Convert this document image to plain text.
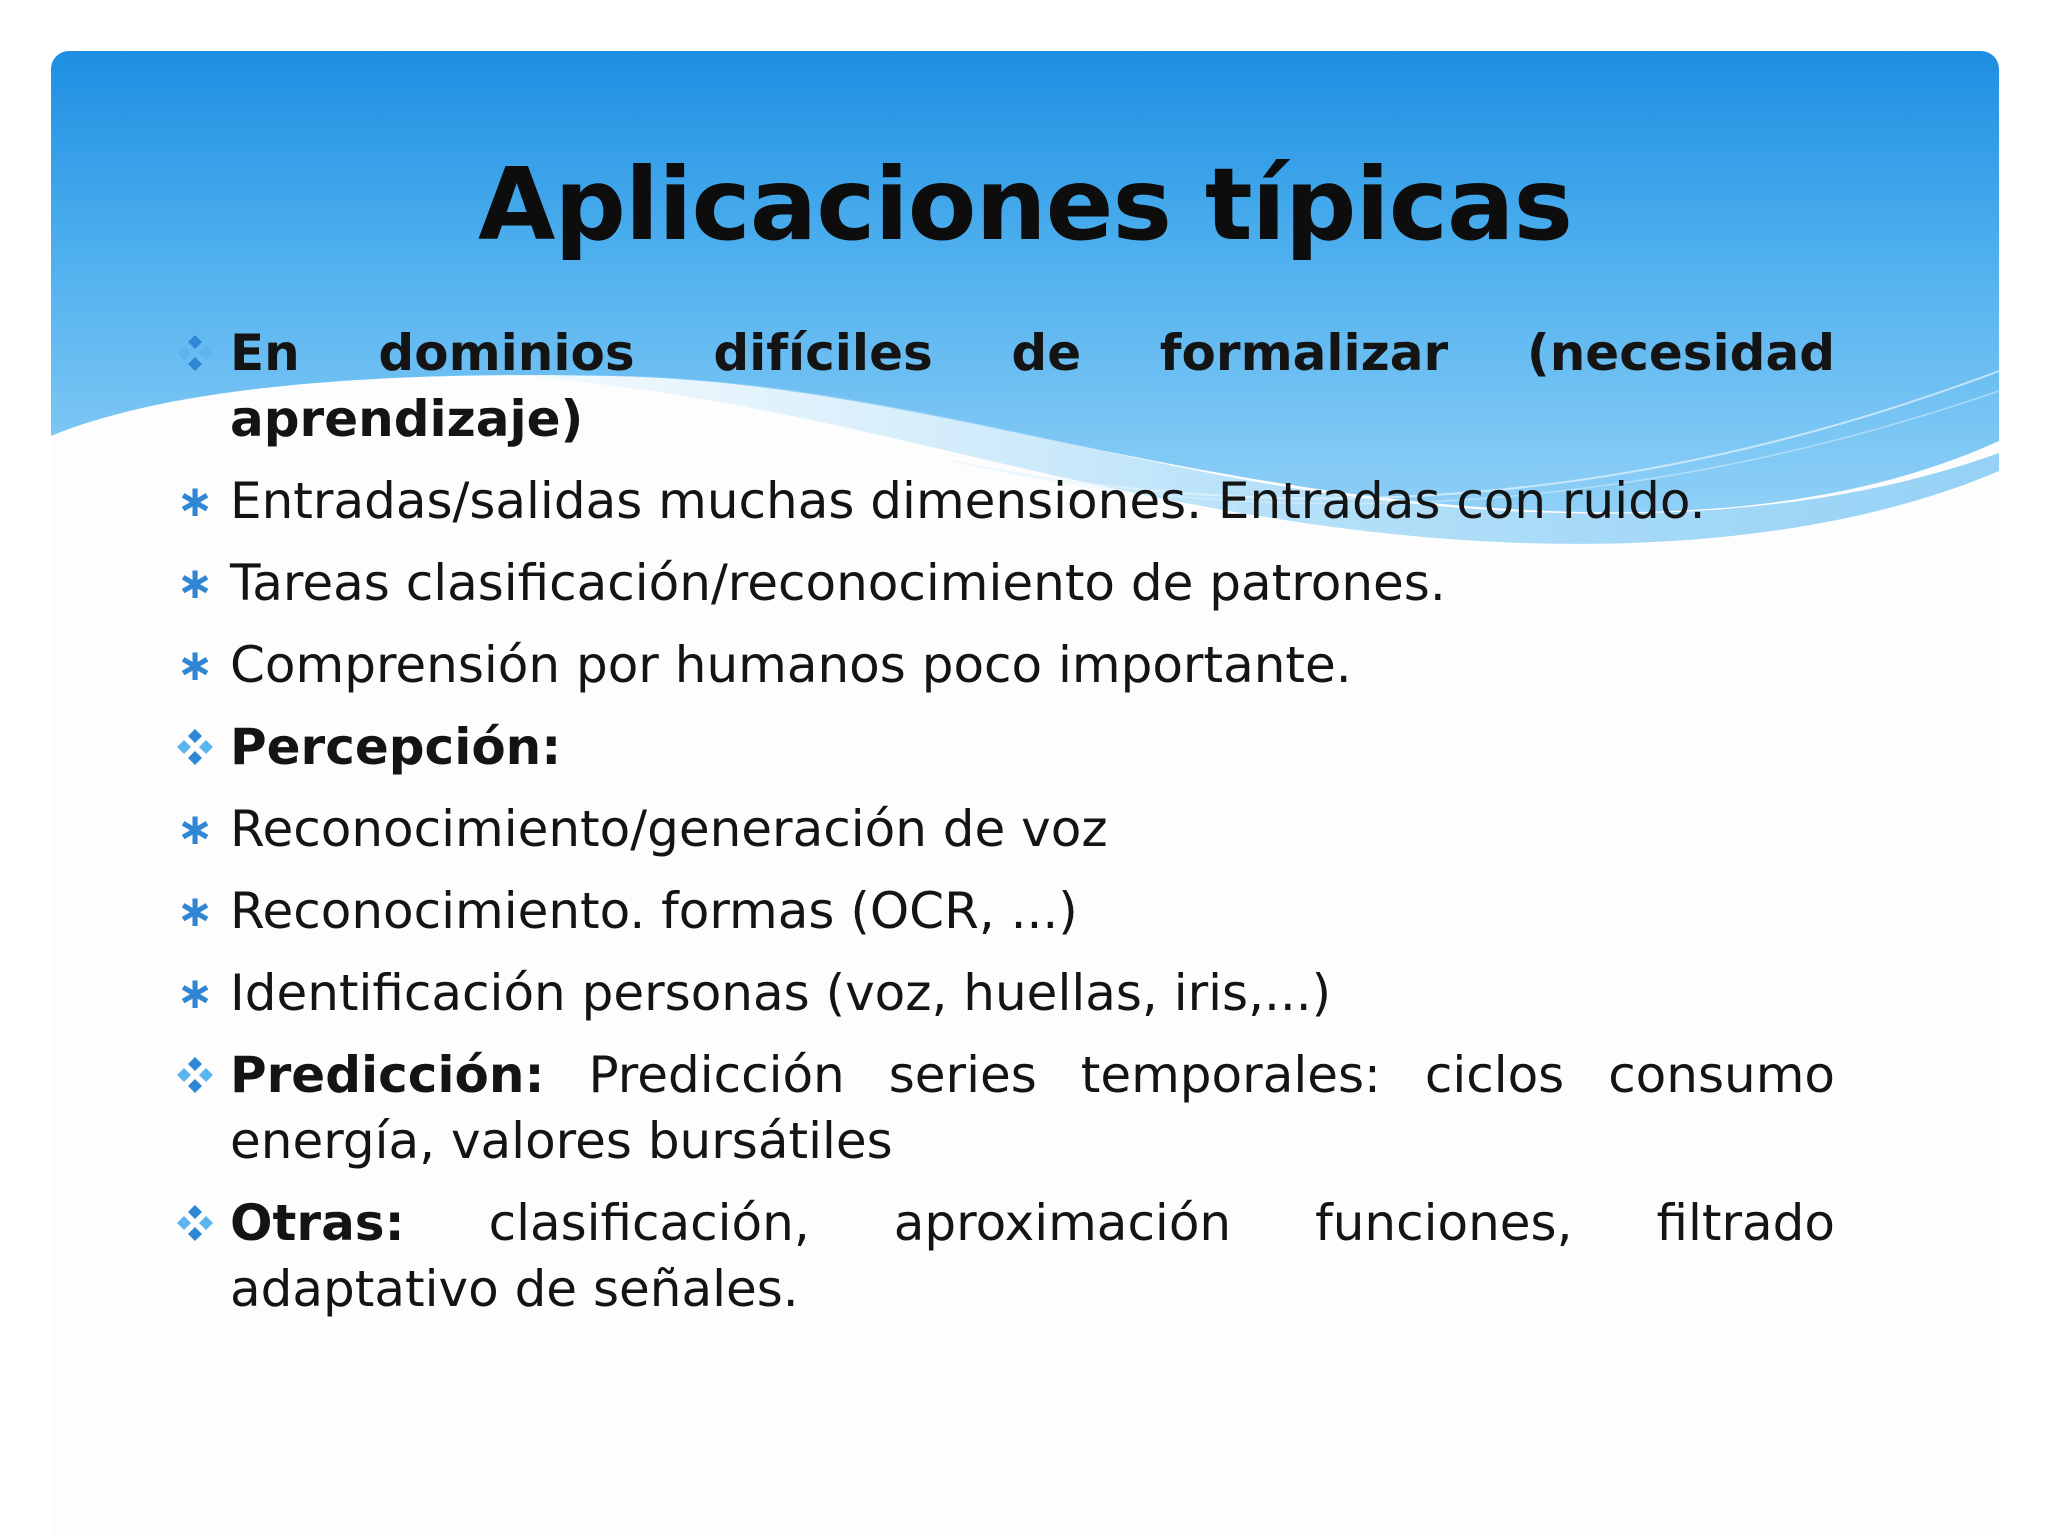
Aplicaciones típicas
En dominios difíciles de formalizar (necesidad aprendizaje)
∗ Entradas/salidas muchas dimensiones. Entradas con ruido.
∗ Tareas clasificación/reconocimiento de patrones.
∗ Comprensión por humanos poco importante.
Percepción:
∗ Reconocimiento/generación de voz
∗ Reconocimiento. formas (OCR, ...)
∗ Identificación personas (voz, huellas, iris,...)
Predicción: Predicción series temporales: ciclos consumo energía, valores bursátiles
Otras: clasificación, aproximación funciones, filtrado adaptativo de señales.
